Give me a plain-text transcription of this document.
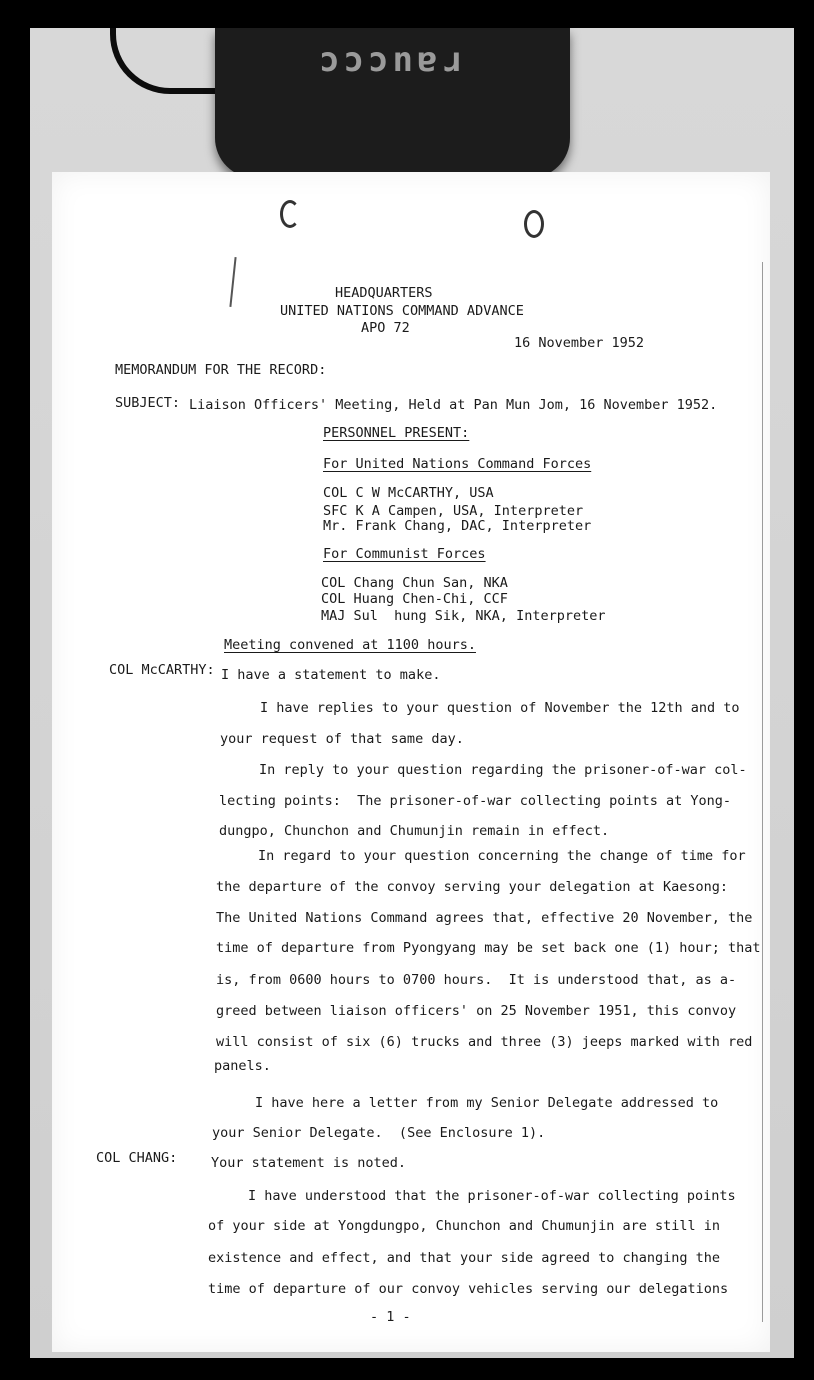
ɔɔɔnɐɹ
HEADQUARTERS
UNITED NATIONS COMMAND ADVANCE
APO 72
16 November 1952
MEMORANDUM FOR THE RECORD:
SUBJECT: Liaison Officers' Meeting, Held at Pan Mun Jom, 16 November 1952.
PERSONNEL PRESENT:
For United Nations Command Forces
COL C W McCARTHY, USA
SFC K A Campen, USA, Interpreter
Mr. Frank Chang, DAC, Interpreter
For Communist Forces
COL Chang Chun San, NKA
COL Huang Chen-Chi, CCF
MAJ Sul  hung Sik, NKA, Interpreter
Meeting convened at 1100 hours.
COL McCARTHY: I have a statement to make.
I have replies to your question of November the 12th and to
your request of that same day.
In reply to your question regarding the prisoner-of-war col-
lecting points:  The prisoner-of-war collecting points at Yong-
dungpo, Chunchon and Chumunjin remain in effect.
In regard to your question concerning the change of time for
the departure of the convoy serving your delegation at Kaesong:
The United Nations Command agrees that, effective 20 November, the
time of departure from Pyongyang may be set back one (1) hour; that
is, from 0600 hours to 0700 hours.  It is understood that, as a-
greed between liaison officers' on 25 November 1951, this convoy
will consist of six (6) trucks and three (3) jeeps marked with red
panels.
I have here a letter from my Senior Delegate addressed to
your Senior Delegate.  (See Enclosure 1).
COL CHANG: Your statement is noted.
I have understood that the prisoner-of-war collecting points
of your side at Yongdungpo, Chunchon and Chumunjin are still in
existence and effect, and that your side agreed to changing the
time of departure of our convoy vehicles serving our delegations
- 1 -
